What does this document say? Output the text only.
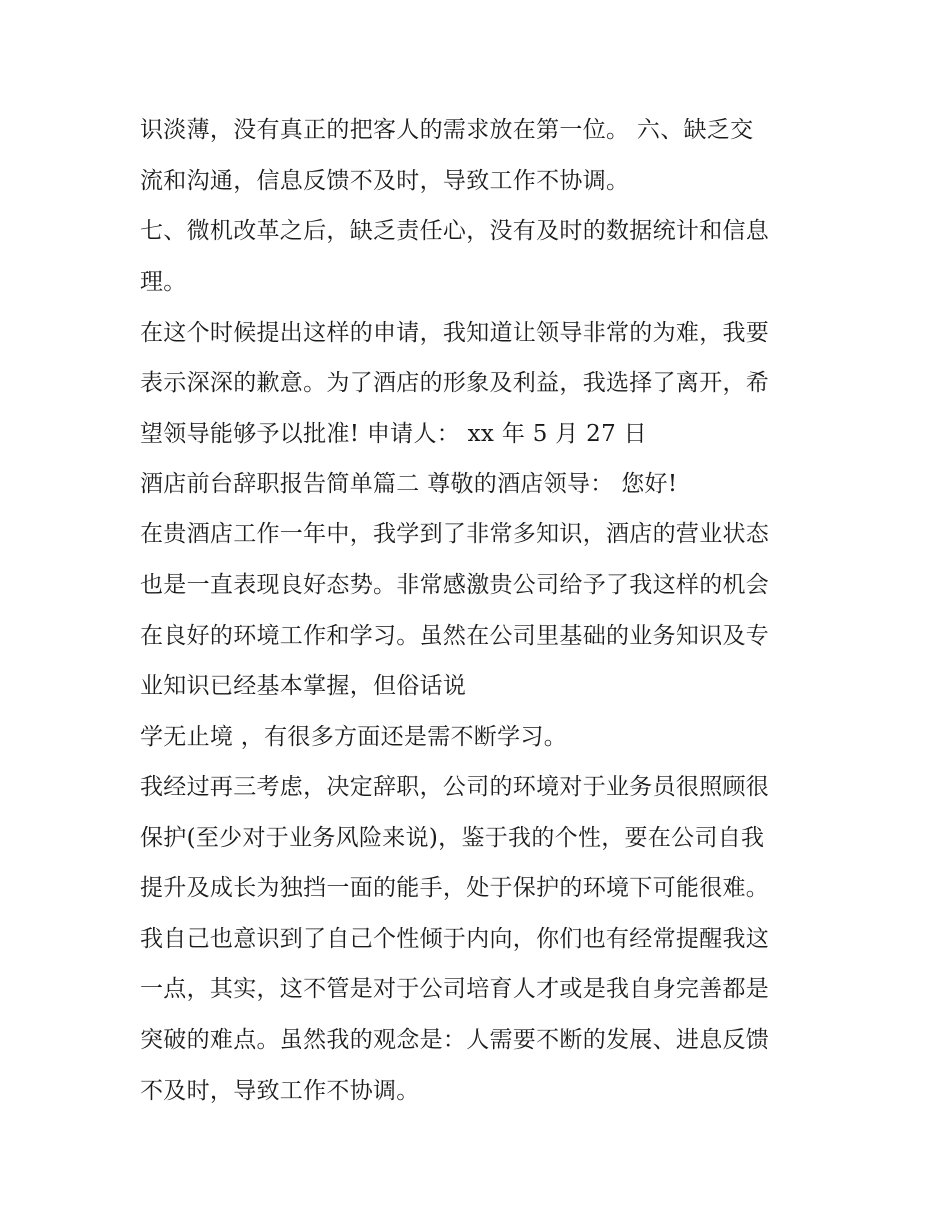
识淡薄，没有真正的把客人的需求放在第一位。 六、缺乏交
流和沟通，信息反馈不及时，导致工作不协调。
七、微机改革之后，缺乏责任心，没有及时的数据统计和信息
理。
在这个时候提出这样的申请，我知道让领导非常的为难，我要
表示深深的歉意。为了酒店的形象及利益，我选择了离开，希
望领导能够予以批准! 申请人： xx 年 5 月 27 日
酒店前台辞职报告简单篇二 尊敬的酒店领导： 您好!
在贵酒店工作一年中，我学到了非常多知识，酒店的营业状态
也是一直表现良好态势。非常感激贵公司给予了我这样的机会
在良好的环境工作和学习。虽然在公司里基础的业务知识及专
业知识已经基本掌握，但俗话说
学无止境 ，有很多方面还是需不断学习。
我经过再三考虑，决定辞职，公司的环境对于业务员很照顾很
保护(至少对于业务风险来说)，鉴于我的个性，要在公司自我
提升及成长为独挡一面的能手，处于保护的环境下可能很难。
我自己也意识到了自己个性倾于内向，你们也有经常提醒我这
一点，其实，这不管是对于公司培育人才或是我自身完善都是
突破的难点。虽然我的观念是：人需要不断的发展、进息反馈
不及时，导致工作不协调。
